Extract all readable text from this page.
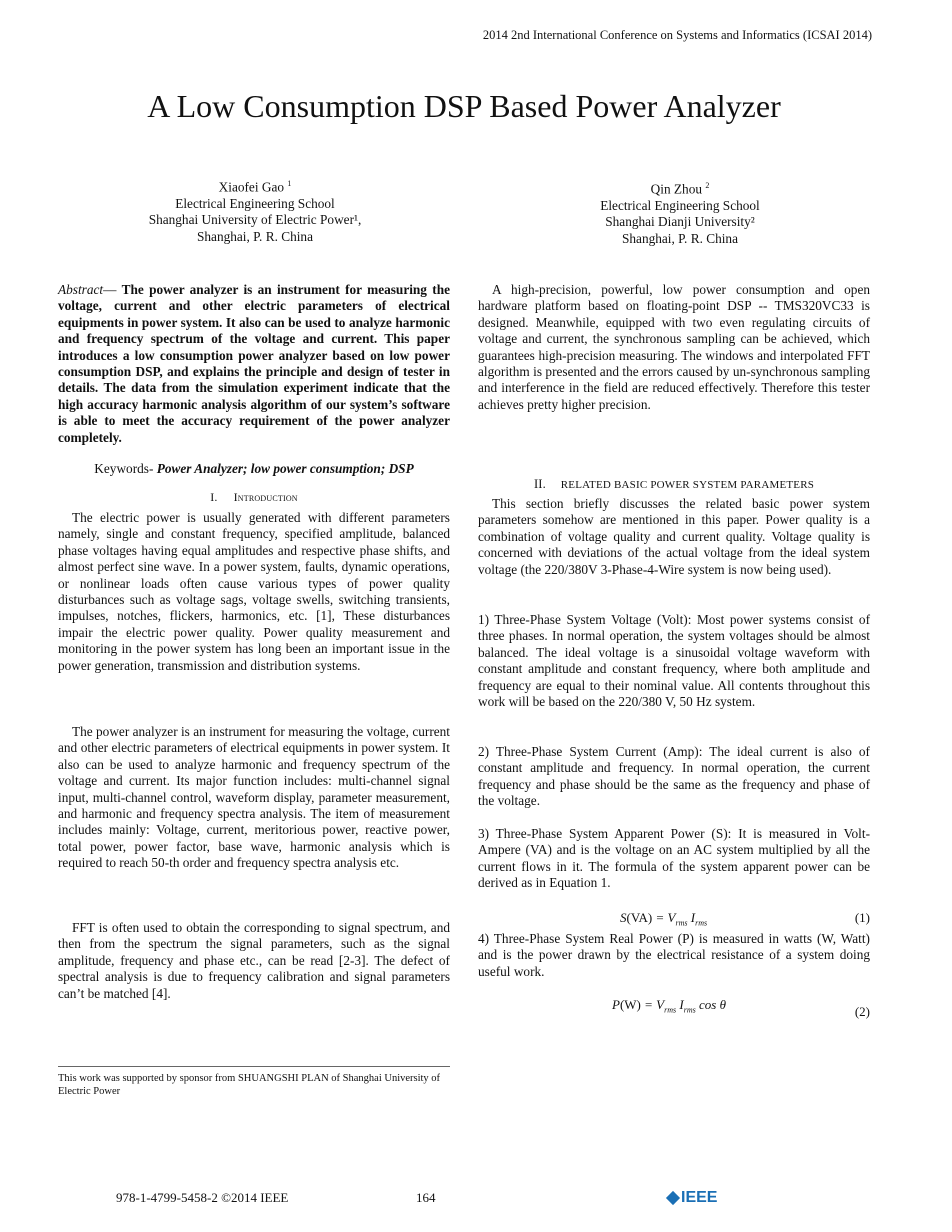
2014 2nd International Conference on Systems and Informatics (ICSAI 2014)
A Low Consumption DSP Based Power Analyzer
Xiaofei Gao $^1$
Electrical Engineering School
Shanghai University of Electric Power¹,
Shanghai, P. R. China
Qin Zhou $^2$
Electrical Engineering School
Shanghai Dianji University²
Shanghai, P. R. China

Abstract— The power analyzer is an instrument for measuring the voltage, current and other electric parameters of electrical equipments in power system. It also can be used to analyze harmonic and frequency spectrum of the voltage and current. This paper introduces a low consumption power analyzer based on low power consumption DSP, and explains the principle and design of tester in details. The data from the simulation experiment indicate that the high accuracy harmonic analysis algorithm of our system’s software is able to meet the accuracy requirement of the power analyzer completely.

Keywords- Power Analyzer; low power consumption; DSP
I. Introduction

The electric power is usually generated with different parameters namely, single and constant frequency, specified amplitude, balanced phase voltages having equal amplitudes and respective phase shifts, and almost perfect sine wave. In a power system, faults, dynamic operations, or nonlinear loads often cause various types of power quality disturbances such as voltage sags, voltage swells, switching transients, impulses, notches, flickers, harmonics, etc. [1], These disturbances impair the electric power quality. Power quality measurement and monitoring in the power system has long been an important issue in the power generation, transmission and distribution systems.

The power analyzer is an instrument for measuring the voltage, current and other electric parameters of electrical equipments in power system. It also can be used to analyze harmonic and frequency spectrum of the voltage and current. Its major function includes: multi-channel signal input, multi-channel control, waveform display, parameter measurement, and harmonic and frequency spectra analysis. The item of measurement includes mainly: Voltage, current, meritorious power, reactive power, total power, power factor, base wave, harmonic analysis which is required to reach 50-th order and frequency spectra analysis etc.

FFT is often used to obtain the corresponding to signal spectrum, and then from the spectrum the signal parameters, such as the signal amplitude, frequency and phase etc., can be read [2-3]. The defect of spectral analysis is due to frequency calibration and signal parameters can’t be matched [4].

A high-precision, powerful, low power consumption and open hardware platform based on floating-point DSP -- TMS320VC33 is designed. Meanwhile, equipped with two even regulating circuits of voltage and current, the synchronous sampling can be achieved, which guarantees high-precision measuring. The windows and interpolated FFT algorithm is presented and the errors caused by un-synchronous sampling and interference in the field are reduced effectively. Therefore this tester achieves pretty higher precision.

II. RELATED BASIC POWER SYSTEM PARAMETERS

This section briefly discusses the related basic power system parameters somehow are mentioned in this paper. Power quality is a combination of voltage quality and current quality. Voltage quality is concerned with deviations of the actual voltage from the ideal system voltage (the 220/380V 3-Phase-4-Wire system is now being used).

1) Three-Phase System Voltage (Volt): Most power systems consist of three phases. In normal operation, the system voltages should be almost balanced. The ideal voltage is a sinusoidal voltage waveform with constant amplitude and constant frequency, where both amplitude and frequency are equal to their nominal value. All contents throughout this work will be based on the 220/380 V, 50 Hz system.

2) Three-Phase System Current (Amp): The ideal current is also of constant amplitude and frequency. In normal operation, the current frequency and phase should be the same as the frequency and phase of the voltage.

3) Three-Phase System Apparent Power (S): It is measured in Volt-Ampere (VA) and is the voltage on an AC system multiplied by all the current flows in it. The formula of the system apparent power can be derived as in Equation 1.

$S(VA) = V_{rms}$ $I_{rms}$	(1)

4) Three-Phase System Real Power (P) is measured in watts (W, Watt) and is the power drawn by the electrical resistance of a system doing useful work.

$P(W) = V_{rms}$ $I_{rms}$ cos θ	(2)
This work was supported by sponsor from SHUANGSHI PLAN of Shanghai University of Electric Power
978-1-4799-5458-2 ©2014 IEEE	164	IEEE
